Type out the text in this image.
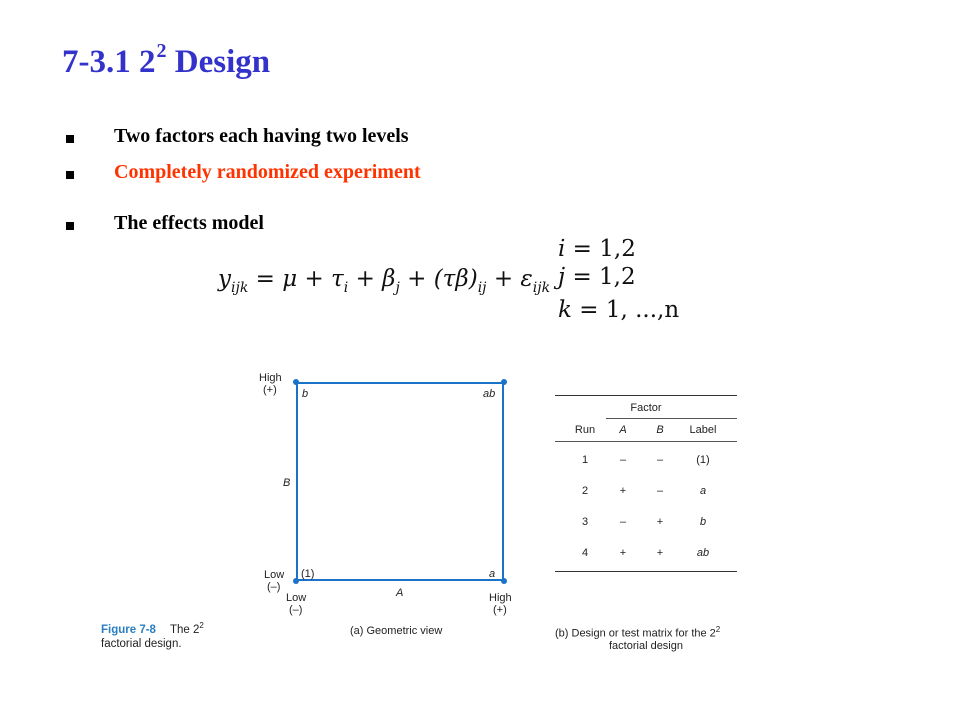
7-3.1 $2^2$ Design
Two factors each having two levels
Completely randomized experiment
The effects model
$y_{ijk} = \mu + \tau_i + \beta_j + (\tau\beta)_{ij} + \varepsilon_{ijk}$
i = 1,2
j = 1,2
k = 1, ...,n
High
(+)
B
Low
(–)
Low
(–)
A	High
(+)
b	ab
(1)	a
(a) Geometric view
Factor
Run	A	B	Label
1	–	–	(1)
2	+	–	a
3	–	+	b
4	+	+	ab
(b) Design or test matrix for the $2^2$
factorial design
Figure 7-8 The $2^2$
factorial design.
